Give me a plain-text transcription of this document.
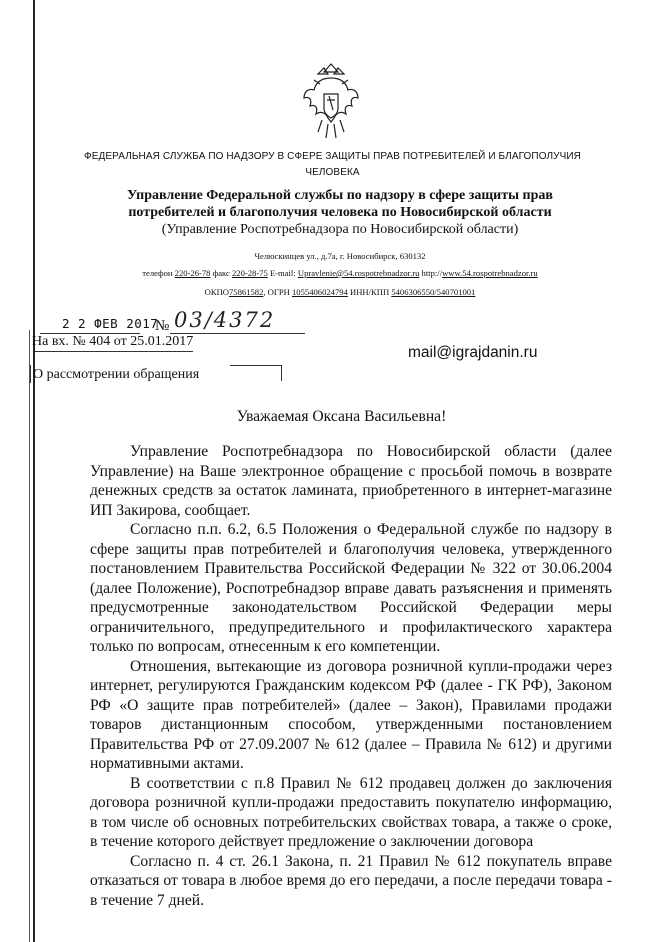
ФЕДЕРАЛЬНАЯ СЛУЖБА ПО НАДЗОРУ В СФЕРЕ ЗАЩИТЫ ПРАВ ПОТРЕБИТЕЛЕЙ И БЛАГОПОЛУЧИЯ
ЧЕЛОВЕКА
Управление Федеральной службы по надзору в сфере защиты прав
потребителей и благополучия человека по Новосибирской области
(Управление Роспотребнадзора по Новосибирской области)
Челюскинцев ул., д.7а, г. Новосибирск, 630132
телефон 220-26-78 факс 220-28-75 E-mail: Upravlenie@54.rospotrebnadzor.ru http://www.54.rospotrebnadzor.ru
ОКПО75861582, ОГРН 1055406024794 ИНН/КПП 5406306550/540701001
2 2 ФЕВ 2017
№ 03/4372
На вх. № 404 от 25.01.2017
mail@igrajdanin.ru
О рассмотрении обращения
Уважаемая Оксана Васильевна!

Управление Роспотребнадзора по Новосибирской области (далее Управление) на Ваше электронное обращение с просьбой помочь в возврате денежных средств за остаток ламината, приобретенного в интернет-магазине ИП Закирова, сообщает.

Согласно п.п. 6.2, 6.5 Положения о Федеральной службе по надзору в сфере защиты прав потребителей и благополучия человека, утвержденного постановлением Правительства Российской Федерации № 322 от 30.06.2004 (далее Положение), Роспотребнадзор вправе давать разъяснения и применять предусмотренные законодательством Российской Федерации меры ограничительного, предупредительного и профилактического характера только по вопросам, отнесенным к его компетенции.

Отношения, вытекающие из договора розничной купли-продажи через интернет, регулируются Гражданским кодексом РФ (далее - ГК РФ), Законом РФ «О защите прав потребителей» (далее – Закон), Правилами продажи товаров дистанционным способом, утвержденными постановлением Правительства РФ от 27.09.2007 № 612 (далее – Правила № 612) и другими нормативными актами.

В соответствии с п.8 Правил № 612 продавец должен до заключения договора розничной купли-продажи предоставить покупателю информацию, в том числе об основных потребительских свойствах товара, а также о сроке, в течение которого действует предложение о заключении договора

Согласно п. 4 ст. 26.1 Закона, п. 21 Правил № 612 покупатель вправе отказаться от товара в любое время до его передачи, а после передачи товара - в течение 7 дней.
